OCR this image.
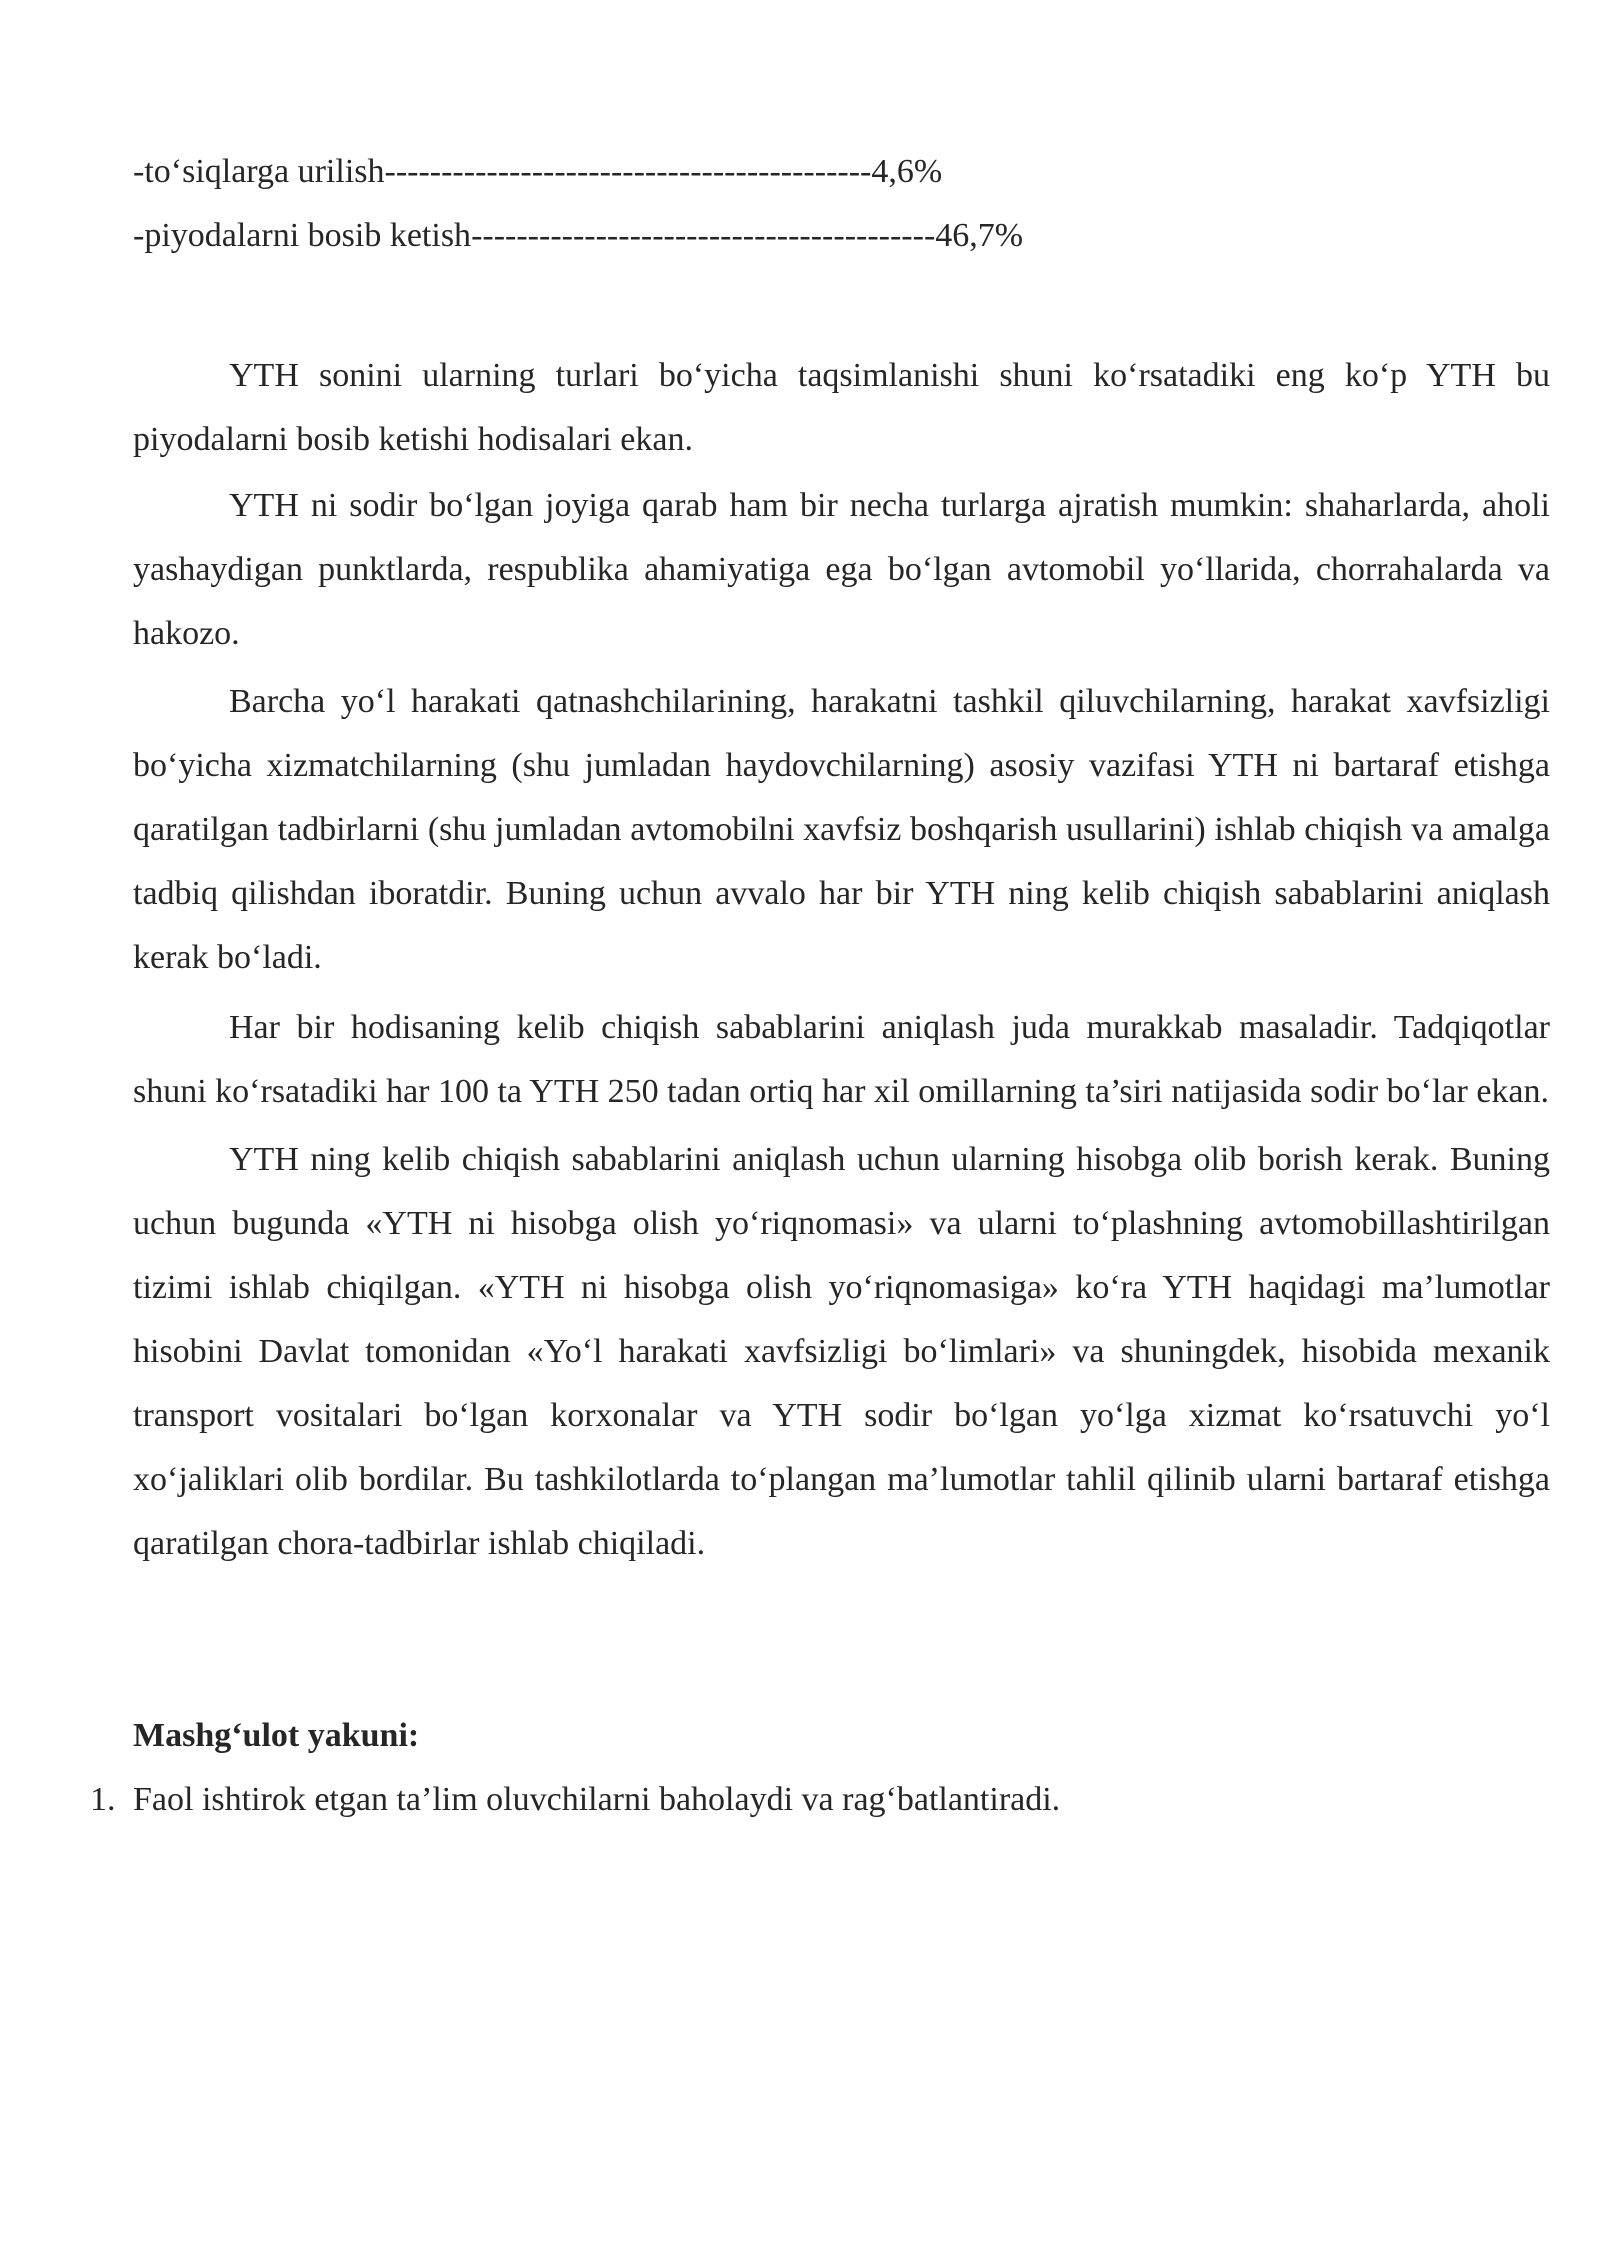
-to‘siqlarga urilish-------------------------------------------4,6%

-piyodalarni bosib ketish-----------------------------------------46,7%

YTH sonini ularning turlari bo‘yicha taqsimlanishi shuni ko‘rsatadiki eng ko‘p YTH bu piyodalarni bosib ketishi hodisalari ekan.

YTH ni sodir bo‘lgan joyiga qarab ham bir necha turlarga ajratish mumkin: shaharlarda, aholi yashaydigan punktlarda, respublika ahamiyatiga ega bo‘lgan avtomobil yo‘llarida, chorrahalarda va hakozo.

Barcha yo‘l harakati qatnashchilarining, harakatni tashkil qiluvchilarning, harakat xavfsizligi bo‘yicha xizmatchilarning (shu jumladan haydovchilarning) asosiy vazifasi YTH ni bartaraf etishga qaratilgan tadbirlarni (shu jumladan avtomobilni xavfsiz boshqarish usullarini) ishlab chiqish va amalga tadbiq qilishdan iboratdir. Buning uchun avvalo har bir YTH ning kelib chiqish sabablarini aniqlash kerak bo‘ladi.

Har bir hodisaning kelib chiqish sabablarini aniqlash juda murakkab masaladir. Tadqiqotlar shuni ko‘rsatadiki har 100 ta YTH 250 tadan ortiq har xil omillarning ta’siri natijasida sodir bo‘lar ekan.

YTH ning kelib chiqish sabablarini aniqlash uchun ularning hisobga olib borish kerak. Buning uchun bugunda «YTH ni hisobga olish yo‘riqnomasi» va ularni to‘plashning avtomobillashtirilgan tizimi ishlab chiqilgan. «YTH ni hisobga olish yo‘riqnomasiga» ko‘ra YTH haqidagi ma’lumotlar hisobini Davlat tomonidan «Yo‘l harakati xavfsizligi bo‘limlari» va shuningdek, hisobida mexanik transport vositalari bo‘lgan korxonalar va YTH sodir bo‘lgan yo‘lga xizmat ko‘rsatuvchi yo‘l xo‘jaliklari olib bordilar. Bu tashkilotlarda to‘plangan ma’lumotlar tahlil qilinib ularni bartaraf etishga qaratilgan chora-tadbirlar ishlab chiqiladi.

Mashg‘ulot yakuni:

1. Faol ishtirok etgan ta’lim oluvchilarni baholaydi va rag‘batlantiradi.
